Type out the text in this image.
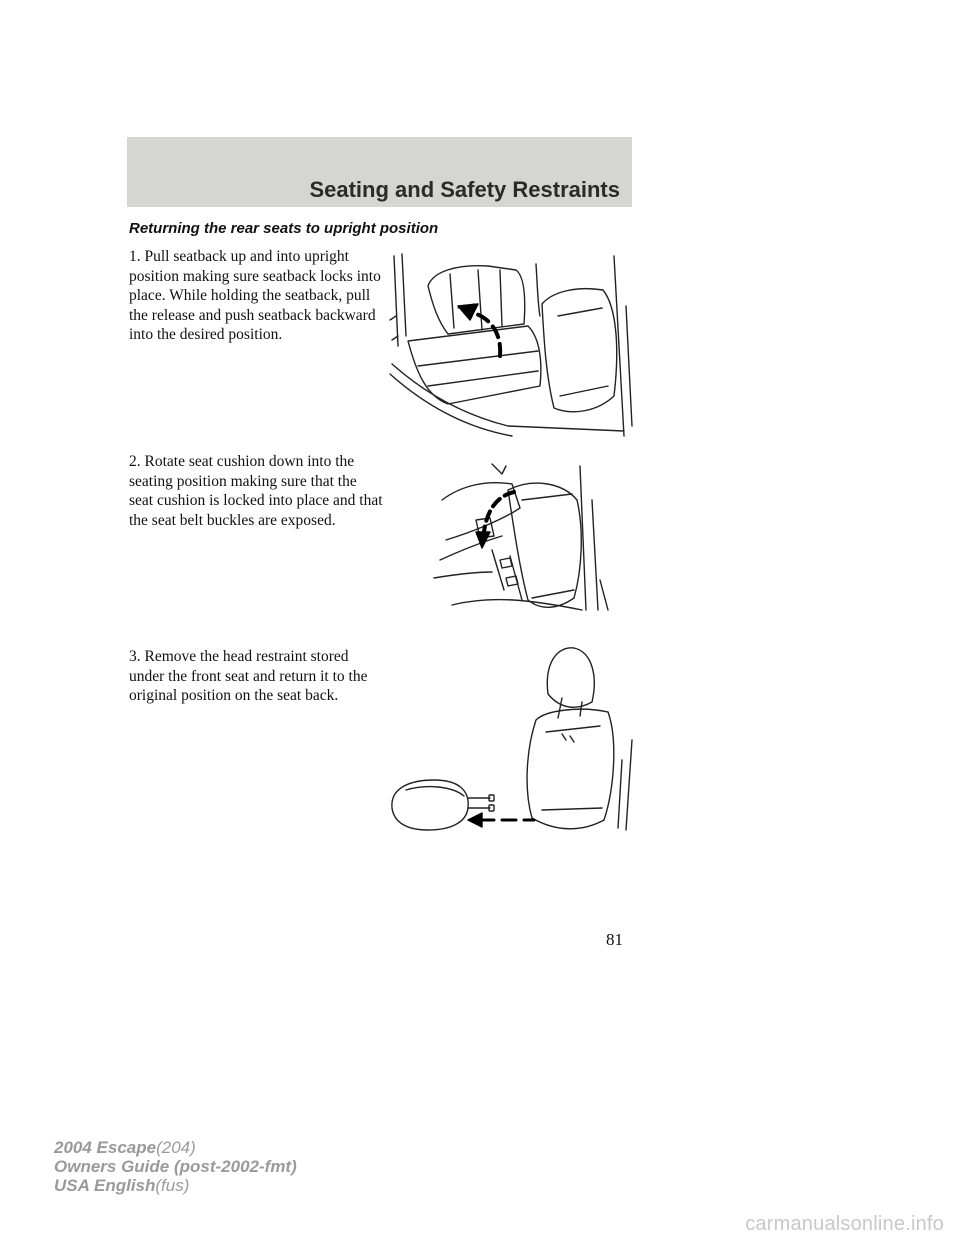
Seating and Safety Restraints
Returning the rear seats to upright position
1. Pull seatback up and into upright position making sure seatback locks into place. While holding the seatback, pull the release and push seatback backward into the desired position.
2. Rotate seat cushion down into the seating position making sure that the seat cushion is locked into place and that the seat belt buckles are exposed.
3. Remove the head restraint stored under the front seat and return it to the original position on the seat back.
81
2004 Escape(204)
Owners Guide (post-2002-fmt)
USA English(fus)
carmanualsonline.info
